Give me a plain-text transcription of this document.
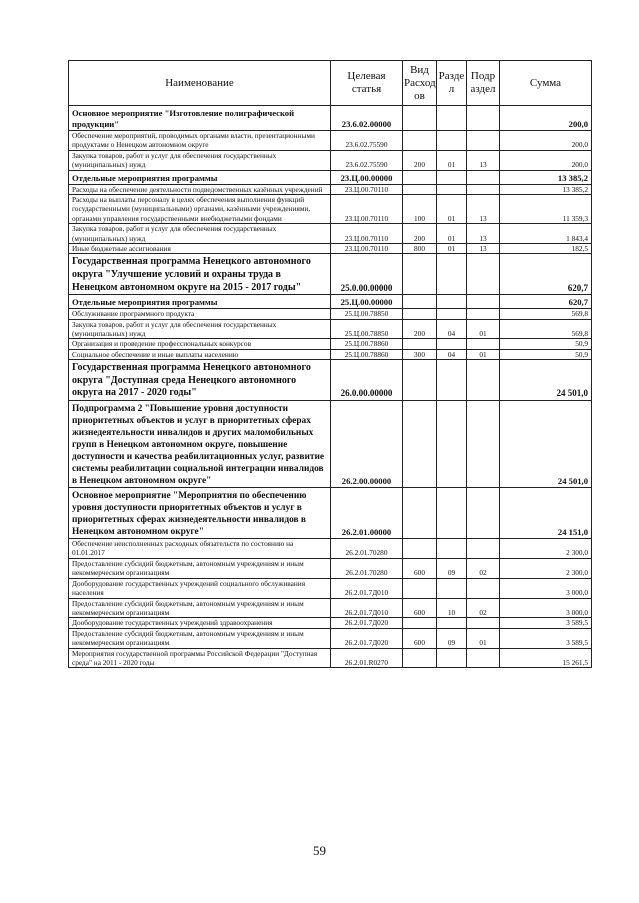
Наименование	Целевая статья	Вид Расход ов	Разде л	Подр аздел	Сумма
Основное мероприятие "Изготовление полиграфической продукции"	23.6.02.00000				200,0
Обеспечение мероприятий, проводимых органами власти, презентационными продуктами о Ненецком автономном округе	23.6.02.75590				200,0
Закупка товаров, работ и услуг для обеспечения государственных (муниципальных) нужд	23.6.02.75590	200	01	13	200,0
Отдельные мероприятия программы	23.Ц.00.00000				13 385,2
Расходы на обеспечение деятельности подведомственных казённых учреждений	23.Ц.00.70110				13 385,2
Расходы на выплаты персоналу в целях обеспечения выполнения функций государственными (муниципальными) органами, казёнными учреждениями, органами управления государственными внебюджетными фондами	23.Ц.00.70110	100	01	13	11 359,3
Закупка товаров, работ и услуг для обеспечения государственных (муниципальных) нужд	23.Ц.00.70110	200	01	13	1 843,4
Иные бюджетные ассигнования	23.Ц.00.70110	800	01	13	182,5
Государственная программа Ненецкого автономного округа "Улучшение условий и охраны труда в Ненецком автономном округе на 2015 - 2017 годы"	25.0.00.00000				620,7
Отдельные мероприятия программы	25.Ц.00.00000				620,7
Обслуживание программного продукта	25.Ц.00.78850				569,8
Закупка товаров, работ и услуг для обеспечения государственных (муниципальных) нужд	25.Ц.00.78850	200	04	01	569,8
Организация и проведение профессиональных конкурсов	25.Ц.00.78860				50,9
Социальное обеспечение и иные выплаты населению	25.Ц.00.78860	300	04	01	50,9
Государственная программа Ненецкого автономного округа "Доступная среда Ненецкого автономного округа на 2017 - 2020 годы"	26.0.00.00000				24 501,0
Подпрограмма 2 "Повышение уровня доступности приоритетных объектов и услуг в приоритетных сферах жизнедеятельности инвалидов и других маломобильных групп в Ненецком автономном округе, повышение доступности и качества реабилитационных услуг, развитие системы реабилитации социальной интеграции инвалидов в Ненецком автономном округе"	26.2.00.00000				24 501,0
Основное мероприятие "Мероприятия по обеспечению уровня доступности приоритетных объектов и услуг в приоритетных сферах жизнедеятельности инвалидов в Ненецком автономном округе"	26.2.01.00000				24 151,0
Обеспечение неисполненных расходных обязательств по состоянию на 01.01.2017	26.2.01.70280				2 300,0
Предоставление субсидий бюджетным, автономным учреждениям и иным некоммерческим организациям	26.2.01.70280	600	09	02	2 300,0
Дооборудование государственных учреждений социального обслуживания населения	26.2.01.7Д010				3 000,0
Предоставление субсидий бюджетным, автономным учреждениям и иным некоммерческим организациям	26.2.01.7Д010	600	10	02	3 000,0
Дооборудование государственных учреждений здравоохранения	26.2.01.7Д020				3 589,5
Предоставление субсидий бюджетным, автономным учреждениям и иным некоммерческим организациям	26.2.01.7Д020	600	09	01	3 589,5
Мероприятия государственной программы Российской Федерации "Доступная среда" на 2011 - 2020 годы	26.2.01.R0270				15 261,5
59
